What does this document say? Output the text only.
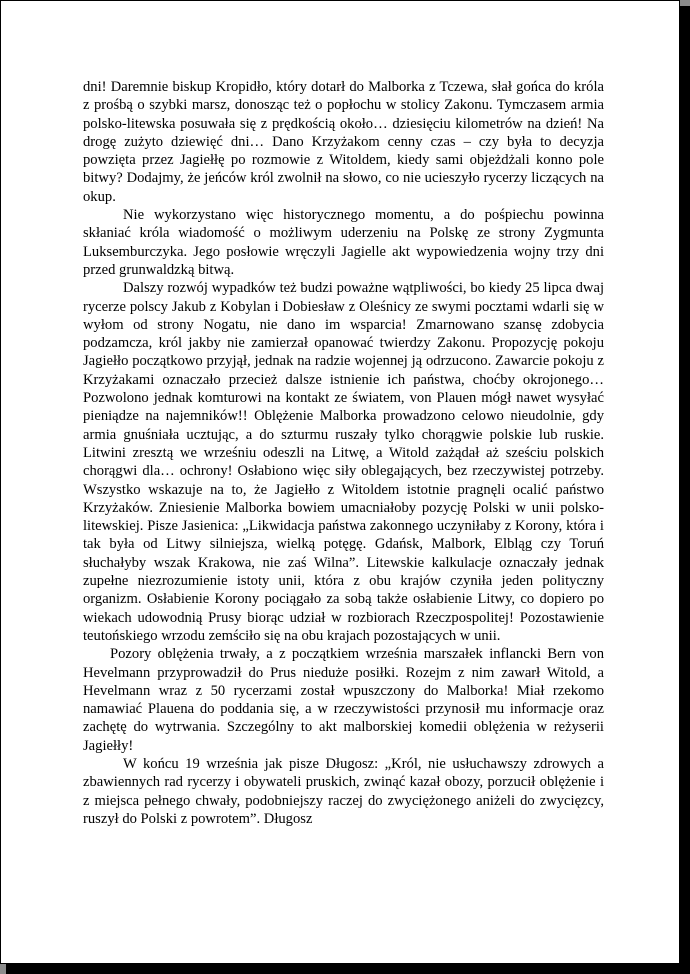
dni! Daremnie biskup Kropidło, który dotarł do Malborka z Tczewa, słał gońca do króla z prośbą o szybki marsz, donosząc też o popłochu w stolicy Zakonu. Tymczasem armia polsko-litewska posuwała się z prędkością około… dziesięciu kilometrów na dzień! Na drogę zużyto dziewięć dni… Dano Krzyżakom cenny czas – czy była to decyzja powzięta przez Jagiełłę po rozmowie z Witoldem, kiedy sami objeżdżali konno pole bitwy? Dodajmy, że jeńców król zwolnił na słowo, co nie ucieszyło rycerzy liczących na okup.

Nie wykorzystano więc historycznego momentu, a do pośpiechu powinna skłaniać króla wiadomość o możliwym uderzeniu na Polskę ze strony Zygmunta Luksemburczyka. Jego posłowie wręczyli Jagielle akt wypowiedzenia wojny trzy dni przed grunwaldzką bitwą.

Dalszy rozwój wypadków też budzi poważne wątpliwości, bo kiedy 25 lipca dwaj rycerze polscy Jakub z Kobylan i Dobiesław z Oleśnicy ze swymi pocztami wdarli się w wyłom od strony Nogatu, nie dano im wsparcia! Zmarnowano szansę zdobycia podzamcza, król jakby nie zamierzał opanować twierdzy Zakonu. Propozycję pokoju Jagiełło początkowo przyjął, jednak na radzie wojennej ją odrzucono. Zawarcie pokoju z Krzyżakami oznaczało przecież dalsze istnienie ich państwa, choćby okrojonego… Pozwolono jednak komturowi na kontakt ze światem, von Plauen mógł nawet wysyłać pieniądze na najemników!! Oblężenie Malborka prowadzono celowo nieudolnie, gdy armia gnuśniała ucztując, a do szturmu ruszały tylko chorągwie polskie lub ruskie. Litwini zresztą we wrześniu odeszli na Litwę, a Witold zażądał aż sześciu polskich chorągwi dla… ochrony! Osłabiono więc siły oblegających, bez rzeczywistej potrzeby. Wszystko wskazuje na to, że Jagiełło z Witoldem istotnie pragnęli ocalić państwo Krzyżaków. Zniesienie Malborka bowiem umacniałoby pozycję Polski w unii polsko-litewskiej. Pisze Jasienica: „Likwidacja państwa zakonnego uczyniłaby z Korony, która i tak była od Litwy silniejsza, wielką potęgę. Gdańsk, Malbork, Elbląg czy Toruń słuchałyby wszak Krakowa, nie zaś Wilna”. Litewskie kalkulacje oznaczały jednak zupełne niezrozumienie istoty unii, która z obu krajów czyniła jeden polityczny organizm. Osłabienie Korony pociągało za sobą także osłabienie Litwy, co dopiero po wiekach udowodnią Prusy biorąc udział w rozbiorach Rzeczpospolitej! Pozostawienie teutońskiego wrzodu zemściło się na obu krajach pozostających w unii.

Pozory oblężenia trwały, a z początkiem września marszałek inflancki Bern von Hevelmann przyprowadził do Prus nieduże posiłki. Rozejm z nim zawarł Witold, a Hevelmann wraz z 50 rycerzami został wpuszczony do Malborka! Miał rzekomo namawiać Plauena do poddania się, a w rzeczywistości przynosił mu informacje oraz zachętę do wytrwania. Szczególny to akt malborskiej komedii oblężenia w reżyserii Jagiełły!

W końcu 19 września jak pisze Długosz: „Król, nie usłuchawszy zdrowych a zbawiennych rad rycerzy i obywateli pruskich, zwinąć kazał obozy, porzucił oblężenie i z miejsca pełnego chwały, podobniejszy raczej do zwyciężonego aniżeli do zwycięzcy, ruszył do Polski z powrotem”. Długosz
